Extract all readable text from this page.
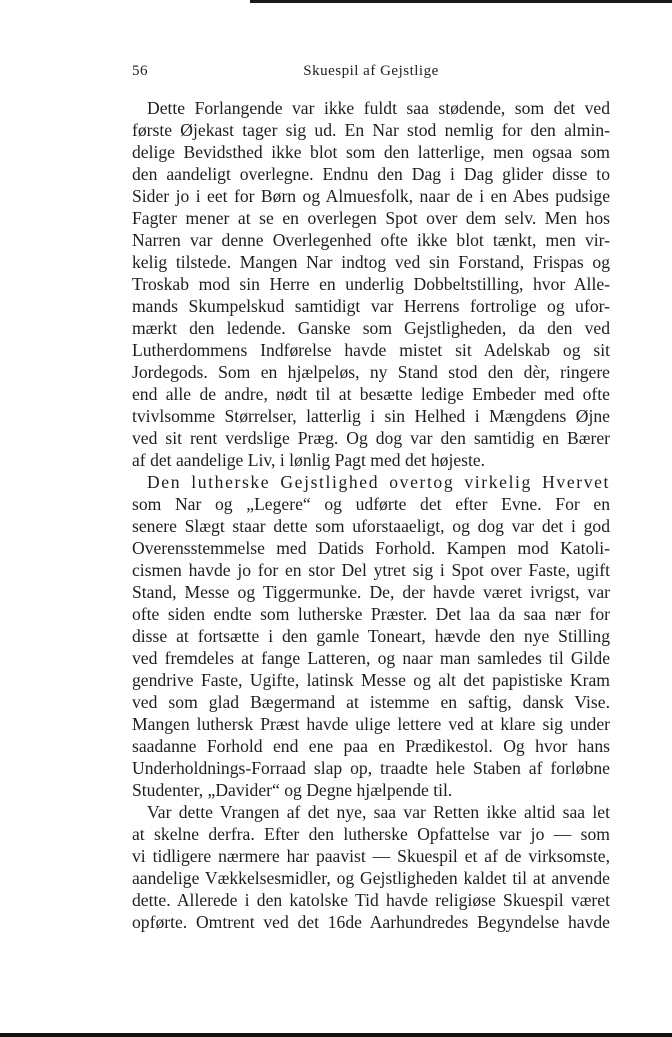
56	Skuespil af Gejstlige
Dette Forlangende var ikke fuldt saa stødende, som det ved
første Øjekast tager sig ud. En Nar stod nemlig for den almin-
delige Bevidsthed ikke blot som den latterlige, men ogsaa som
den aandeligt overlegne. Endnu den Dag i Dag glider disse to
Sider jo i eet for Børn og Almuesfolk, naar de i en Abes pudsige
Fagter mener at se en overlegen Spot over dem selv. Men hos
Narren var denne Overlegenhed ofte ikke blot tænkt, men vir-
kelig tilstede. Mangen Nar indtog ved sin Forstand, Frispas og
Troskab mod sin Herre en underlig Dobbeltstilling, hvor Alle-
mands Skumpelskud samtidigt var Herrens fortrolige og ufor-
mærkt den ledende. Ganske som Gejstligheden, da den ved
Lutherdommens Indførelse havde mistet sit Adelskab og sit
Jordegods. Som en hjælpeløs, ny Stand stod den dèr, ringere
end alle de andre, nødt til at besætte ledige Embeder med ofte
tvivlsomme Størrelser, latterlig i sin Helhed i Mængdens Øjne
ved sit rent verdslige Præg. Og dog var den samtidig en Bærer
af det aandelige Liv, i lønlig Pagt med det højeste.
Den lutherske Gejstlighed overtog virkelig Hvervet
som Nar og „Legere“ og udførte det efter Evne. For en
senere Slægt staar dette som uforstaaeligt, og dog var det i god
Overensstemmelse med Datids Forhold. Kampen mod Katoli-
cismen havde jo for en stor Del ytret sig i Spot over Faste, ugift
Stand, Messe og Tiggermunke. De, der havde været ivrigst, var
ofte siden endte som lutherske Præster. Det laa da saa nær for
disse at fortsætte i den gamle Toneart, hævde den nye Stilling
ved fremdeles at fange Latteren, og naar man samledes til Gilde
gendrive Faste, Ugifte, latinsk Messe og alt det papistiske Kram
ved som glad Bægermand at istemme en saftig, dansk Vise.
Mangen luthersk Præst havde ulige lettere ved at klare sig under
saadanne Forhold end ene paa en Prædikestol. Og hvor hans
Underholdnings-Forraad slap op, traadte hele Staben af forløbne
Studenter, „Davider“ og Degne hjælpende til.
Var dette Vrangen af det nye, saa var Retten ikke altid saa let
at skelne derfra. Efter den lutherske Opfattelse var jo — som
vi tidligere nærmere har paavist — Skuespil et af de virksomste,
aandelige Vækkelsesmidler, og Gejstligheden kaldet til at anvende
dette. Allerede i den katolske Tid havde religiøse Skuespil været
opførte. Omtrent ved det 16de Aarhundredes Begyndelse havde
